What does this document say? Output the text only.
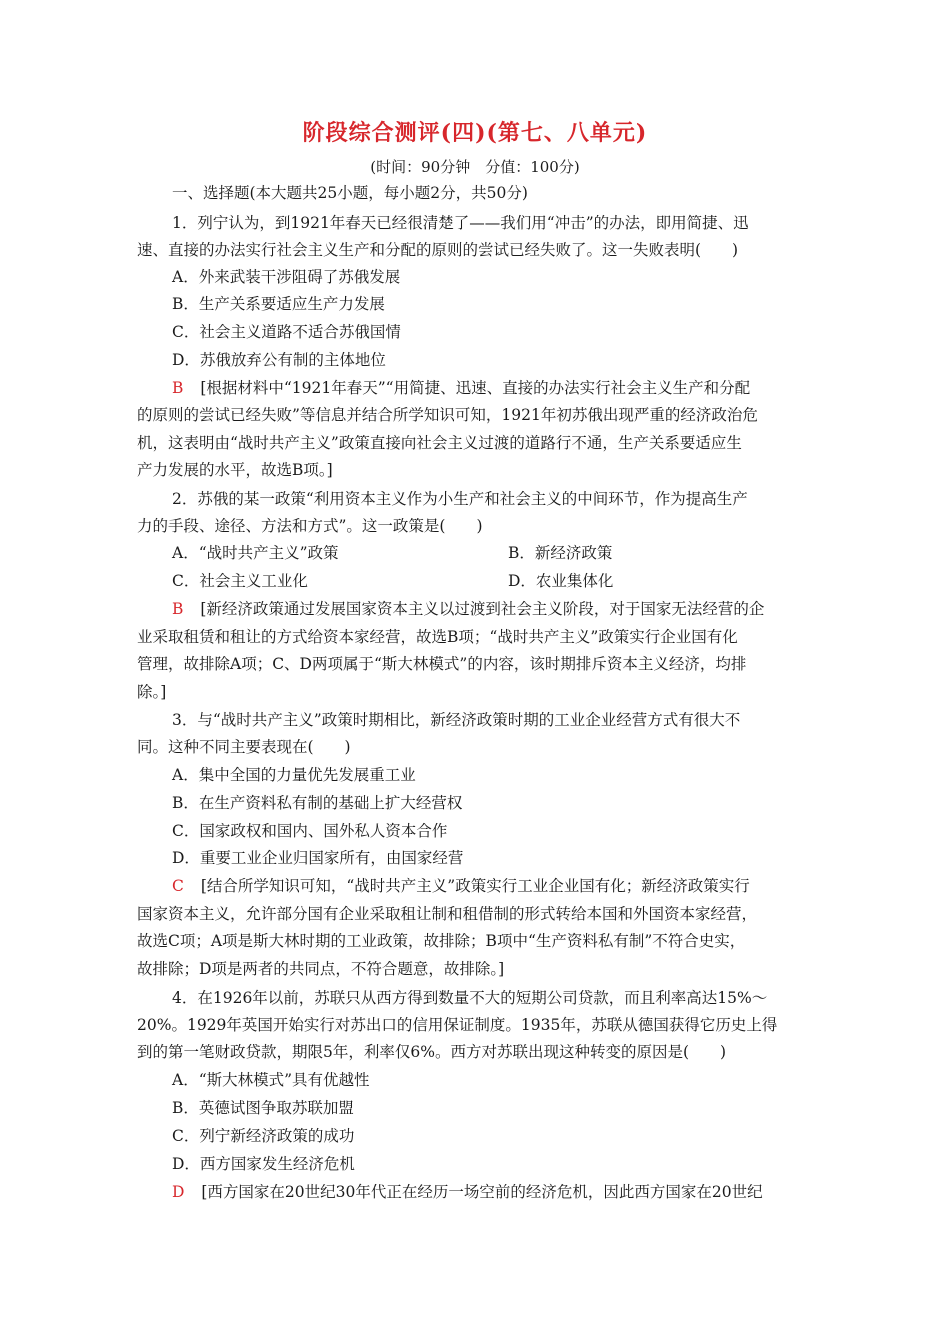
阶段综合测评(四)(第七、八单元)
(时间：90分钟　分值：100分)
一、选择题(本大题共25小题，每小题2分，共50分)
1．列宁认为，到1921年春天已经很清楚了——我们用“冲击”的办法，即用简捷、迅
速、直接的办法实行社会主义生产和分配的原则的尝试已经失败了。这一失败表明(　　)
A．外来武装干涉阻碍了苏俄发展
B．生产关系要适应生产力发展
C．社会主义道路不适合苏俄国情
D．苏俄放弃公有制的主体地位
B [根据材料中“1921年春天”“用简捷、迅速、直接的办法实行社会主义生产和分配
的原则的尝试已经失败”等信息并结合所学知识可知，1921年初苏俄出现严重的经济政治危
机，这表明由“战时共产主义”政策直接向社会主义过渡的道路行不通，生产关系要适应生
产力发展的水平，故选B项。]
2．苏俄的某一政策“利用资本主义作为小生产和社会主义的中间环节，作为提高生产
力的手段、途径、方法和方式”。这一政策是(　　)
A．“战时共产主义”政策	B．新经济政策
C．社会主义工业化	D．农业集体化
B [新经济政策通过发展国家资本主义以过渡到社会主义阶段，对于国家无法经营的企
业采取租赁和租让的方式给资本家经营，故选B项；“战时共产主义”政策实行企业国有化
管理，故排除A项；C、D两项属于“斯大林模式”的内容，该时期排斥资本主义经济，均排
除。]
3．与“战时共产主义”政策时期相比，新经济政策时期的工业企业经营方式有很大不
同。这种不同主要表现在(　　)
A．集中全国的力量优先发展重工业
B．在生产资料私有制的基础上扩大经营权
C．国家政权和国内、国外私人资本合作
D．重要工业企业归国家所有，由国家经营
C [结合所学知识可知，“战时共产主义”政策实行工业企业国有化；新经济政策实行
国家资本主义，允许部分国有企业采取租让制和租借制的形式转给本国和外国资本家经营，
故选C项；A项是斯大林时期的工业政策，故排除；B项中“生产资料私有制”不符合史实，
故排除；D项是两者的共同点，不符合题意，故排除。]
4．在1926年以前，苏联只从西方得到数量不大的短期公司贷款，而且利率高达15%～
20%。1929年英国开始实行对苏出口的信用保证制度。1935年，苏联从德国获得它历史上得
到的第一笔财政贷款，期限5年，利率仅6%。西方对苏联出现这种转变的原因是(　　)
A．“斯大林模式”具有优越性
B．英德试图争取苏联加盟
C．列宁新经济政策的成功
D．西方国家发生经济危机
D [西方国家在20世纪30年代正在经历一场空前的经济危机，因此西方国家在20世纪
